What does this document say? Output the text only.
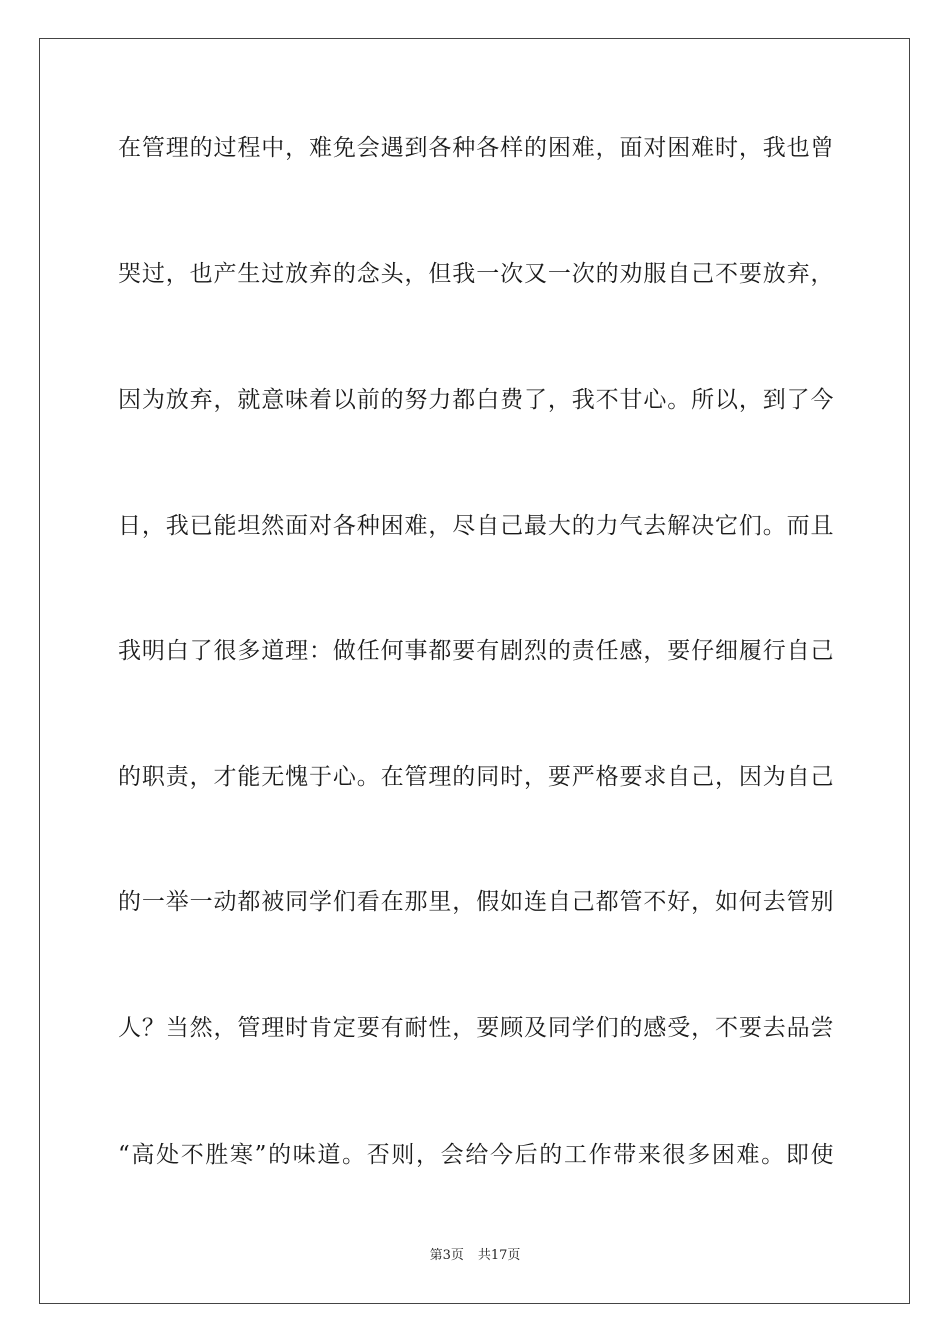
在管理的过程中，难免会遇到各种各样的困难，面对困难时，我也曾
哭过，也产生过放弃的念头，但我一次又一次的劝服自己不要放弃，
因为放弃，就意味着以前的努力都白费了，我不甘心。所以，到了今
日，我已能坦然面对各种困难，尽自己最大的力气去解决它们。而且
我明白了很多道理：做任何事都要有剧烈的责任感，要仔细履行自己
的职责，才能无愧于心。在管理的同时，要严格要求自己，因为自己
的一举一动都被同学们看在那里，假如连自己都管不好，如何去管别
人？当然，管理时肯定要有耐性，要顾及同学们的感受，不要去品尝
“高处不胜寒”的味道。否则，会给今后的工作带来很多困难。即使
第3页 共17页
